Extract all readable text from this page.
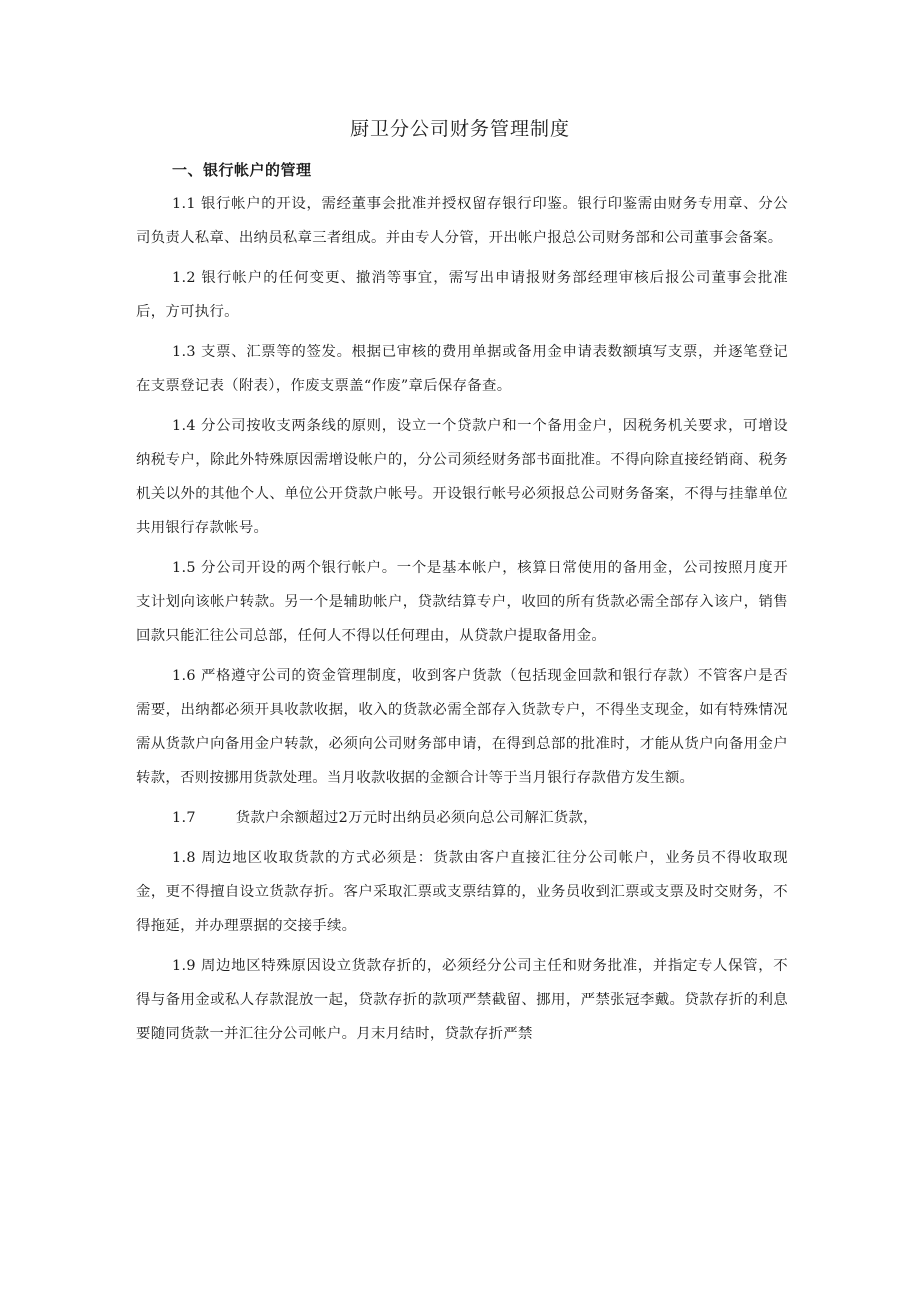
厨卫分公司财务管理制度
一、银行帐户的管理

1.1 银行帐户的开设，需经董事会批准并授权留存银行印鉴。银行印鉴需由财务专用章、分公司负责人私章、出纳员私章三者组成。并由专人分管，开出帐户报总公司财务部和公司董事会备案。

1.2 银行帐户的任何变更、撤消等事宜，需写出申请报财务部经理审核后报公司董事会批准后，方可执行。

1.3 支票、汇票等的签发。根据已审核的费用单据或备用金申请表数额填写支票，并逐笔登记在支票登记表（附表），作废支票盖“作废”章后保存备查。

1.4 分公司按收支两条线的原则，设立一个贷款户和一个备用金户，因税务机关要求，可增设纳税专户，除此外特殊原因需增设帐户的，分公司须经财务部书面批准。不得向除直接经销商、税务机关以外的其他个人、单位公开贷款户帐号。开设银行帐号必须报总公司财务备案，不得与挂靠单位共用银行存款帐号。

1.5 分公司开设的两个银行帐户。一个是基本帐户，核算日常使用的备用金，公司按照月度开支计划向该帐户转款。另一个是辅助帐户，贷款结算专户，收回的所有货款必需全部存入该户，销售回款只能汇往公司总部，任何人不得以任何理由，从贷款户提取备用金。

1.6 严格遵守公司的资金管理制度，收到客户货款（包括现金回款和银行存款）不管客户是否需要，出纳都必须开具收款收据，收入的货款必需全部存入货款专户，不得坐支现金，如有特殊情况需从货款户向备用金户转款，必须向公司财务部申请，在得到总部的批准时，才能从货户向备用金户转款，否则按挪用货款处理。当月收款收据的金额合计等于当月银行存款借方发生额。

1.7	货款户余额超过2万元时出纳员必须向总公司解汇货款，

1.8 周边地区收取货款的方式必须是：货款由客户直接汇往分公司帐户，业务员不得收取现金，更不得擅自设立货款存折。客户采取汇票或支票结算的，业务员收到汇票或支票及时交财务，不得拖延，并办理票据的交接手续。

1.9 周边地区特殊原因设立货款存折的，必须经分公司主任和财务批准，并指定专人保管，不得与备用金或私人存款混放一起，贷款存折的款项严禁截留、挪用，严禁张冠李戴。贷款存折的利息要随同货款一并汇往分公司帐户。月末月结时，贷款存折严禁
